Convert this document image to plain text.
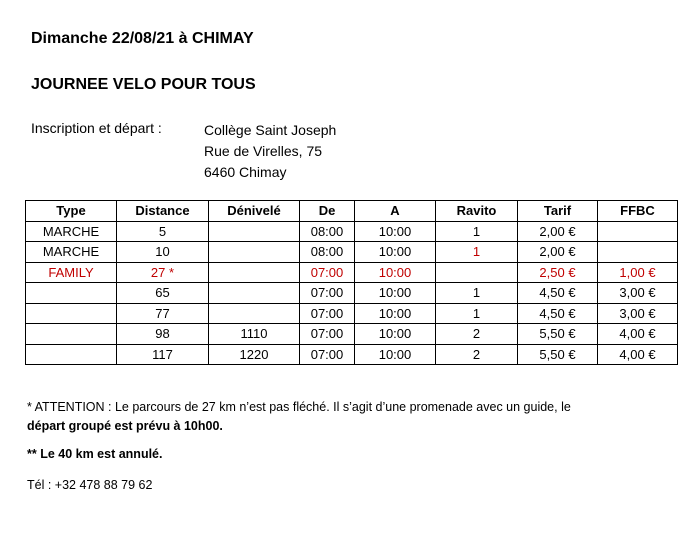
Dimanche 22/08/21 à CHIMAY
JOURNEE VELO POUR TOUS
Inscription et départ :	Collège Saint Joseph
Rue de Virelles, 75
6460 Chimay
Type	Distance	Dénivelé	De	A	Ravito	Tarif	FFBC
MARCHE	5		08:00	10:00	1	2,00 €	
MARCHE	10		08:00	10:00	1	2,00 €	
FAMILY	27 *		07:00	10:00		2,50 €	1,00 €
	65		07:00	10:00	1	4,50 €	3,00 €
	77		07:00	10:00	1	4,50 €	3,00 €
	98	1110	07:00	10:00	2	5,50 €	4,00 €
	117	1220	07:00	10:00	2	5,50 €	4,00 €
* ATTENTION : Le parcours de 27 km n’est pas fléché. Il s’agit d’une promenade avec un guide, le
départ groupé est prévu à 10h00.
** Le 40 km est annulé.
Tél : +32 478 88 79 62
